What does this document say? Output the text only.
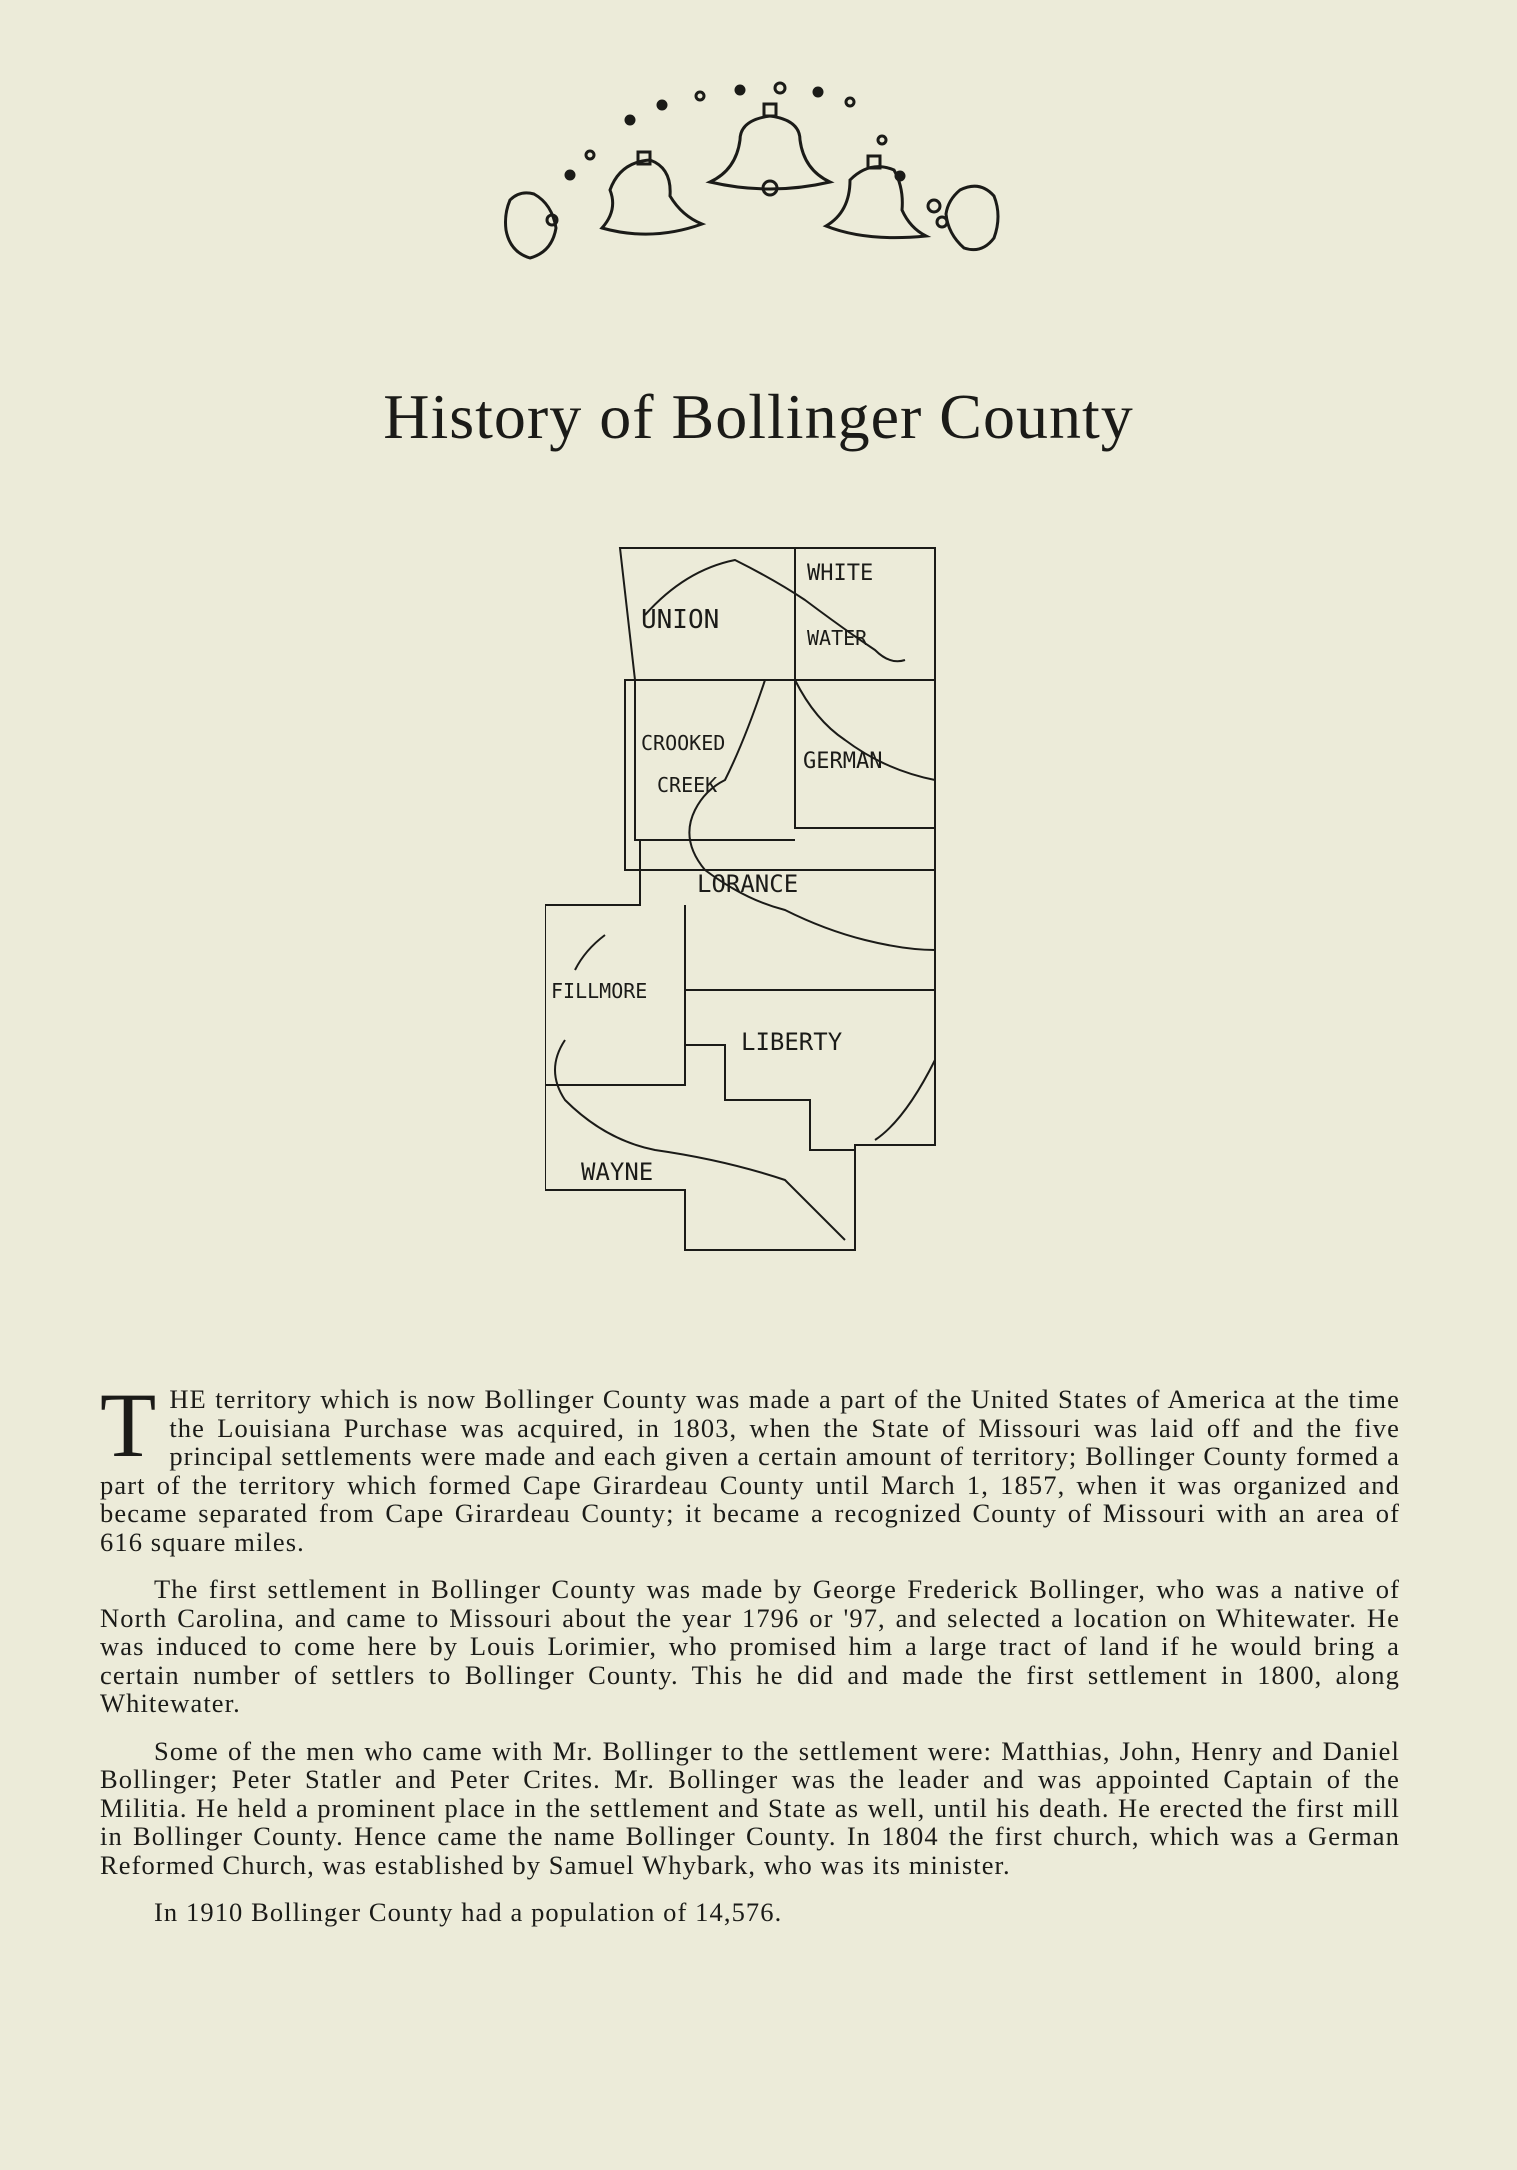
History of Bollinger County
UNION
WHITE
WATER
CROOKED
CREEK
GERMAN
LORANCE
FILLMORE
LIBERTY
WAYNE

THE territory which is now Bollinger County was made a part of the United States of America at the time the Louisiana Purchase was acquired, in 1803, when the State of Missouri was laid off and the five principal settlements were made and each given a certain amount of territory; Bollinger County formed a part of the territory which formed Cape Girardeau County until March 1, 1857, when it was organized and became separated from Cape Girardeau County; it became a recognized County of Missouri with an area of 616 square miles.

The first settlement in Bollinger County was made by George Frederick Bollinger, who was a native of North Carolina, and came to Missouri about the year 1796 or '97, and selected a location on Whitewater. He was induced to come here by Louis Lorimier, who promised him a large tract of land if he would bring a certain number of settlers to Bollinger County. This he did and made the first settlement in 1800, along Whitewater.

Some of the men who came with Mr. Bollinger to the settlement were: Matthias, John, Henry and Daniel Bollinger; Peter Statler and Peter Crites. Mr. Bollinger was the leader and was appointed Captain of the Militia. He held a prominent place in the settlement and State as well, until his death. He erected the first mill in Bollinger County. Hence came the name Bollinger County. In 1804 the first church, which was a German Reformed Church, was established by Samuel Whybark, who was its minister.

In 1910 Bollinger County had a population of 14,576.
